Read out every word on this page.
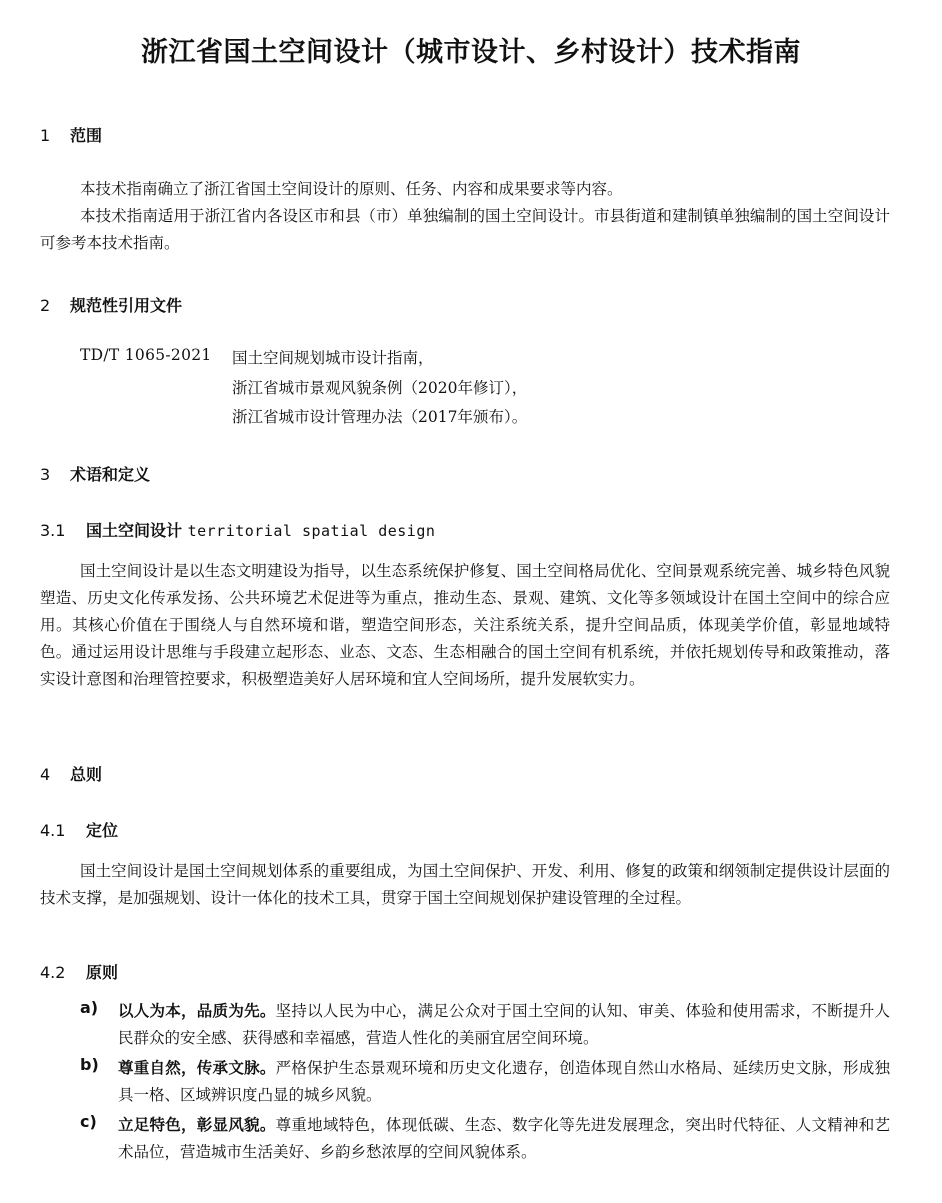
浙江省国土空间设计（城市设计、乡村设计）技术指南
1 范围
本技术指南确立了浙江省国土空间设计的原则、任务、内容和成果要求等内容。
本技术指南适用于浙江省内各设区市和县（市）单独编制的国土空间设计。市县街道和建制镇单独编制的国土空间设计可参考本技术指南。
2 规范性引用文件
TD/T 1065-2021 国土空间规划城市设计指南，
浙江省城市景观风貌条例（2020年修订），
浙江省城市设计管理办法（2017年颁布）。
3 术语和定义
3.1 国土空间设计 territorial spatial design
国土空间设计是以生态文明建设为指导，以生态系统保护修复、国土空间格局优化、空间景观系统完善、城乡特色风貌塑造、历史文化传承发扬、公共环境艺术促进等为重点，推动生态、景观、建筑、文化等多领域设计在国土空间中的综合应用。其核心价值在于围绕人与自然环境和谐，塑造空间形态，关注系统关系，提升空间品质，体现美学价值，彰显地域特色。通过运用设计思维与手段建立起形态、业态、文态、生态相融合的国土空间有机系统，并依托规划传导和政策推动，落实设计意图和治理管控要求，积极塑造美好人居环境和宜人空间场所，提升发展软实力。
4 总则
4.1 定位
国土空间设计是国土空间规划体系的重要组成，为国土空间保护、开发、利用、修复的政策和纲领制定提供设计层面的技术支撑，是加强规划、设计一体化的技术工具，贯穿于国土空间规划保护建设管理的全过程。
4.2 原则
a) 以人为本，品质为先。坚持以人民为中心，满足公众对于国土空间的认知、审美、体验和使用需求，不断提升人民群众的安全感、获得感和幸福感，营造人性化的美丽宜居空间环境。
b) 尊重自然，传承文脉。严格保护生态景观环境和历史文化遗存，创造体现自然山水格局、延续历史文脉，形成独具一格、区域辨识度凸显的城乡风貌。
c) 立足特色，彰显风貌。尊重地域特色，体现低碳、生态、数字化等先进发展理念，突出时代特征、人文精神和艺术品位，营造城市生活美好、乡韵乡愁浓厚的空间风貌体系。
